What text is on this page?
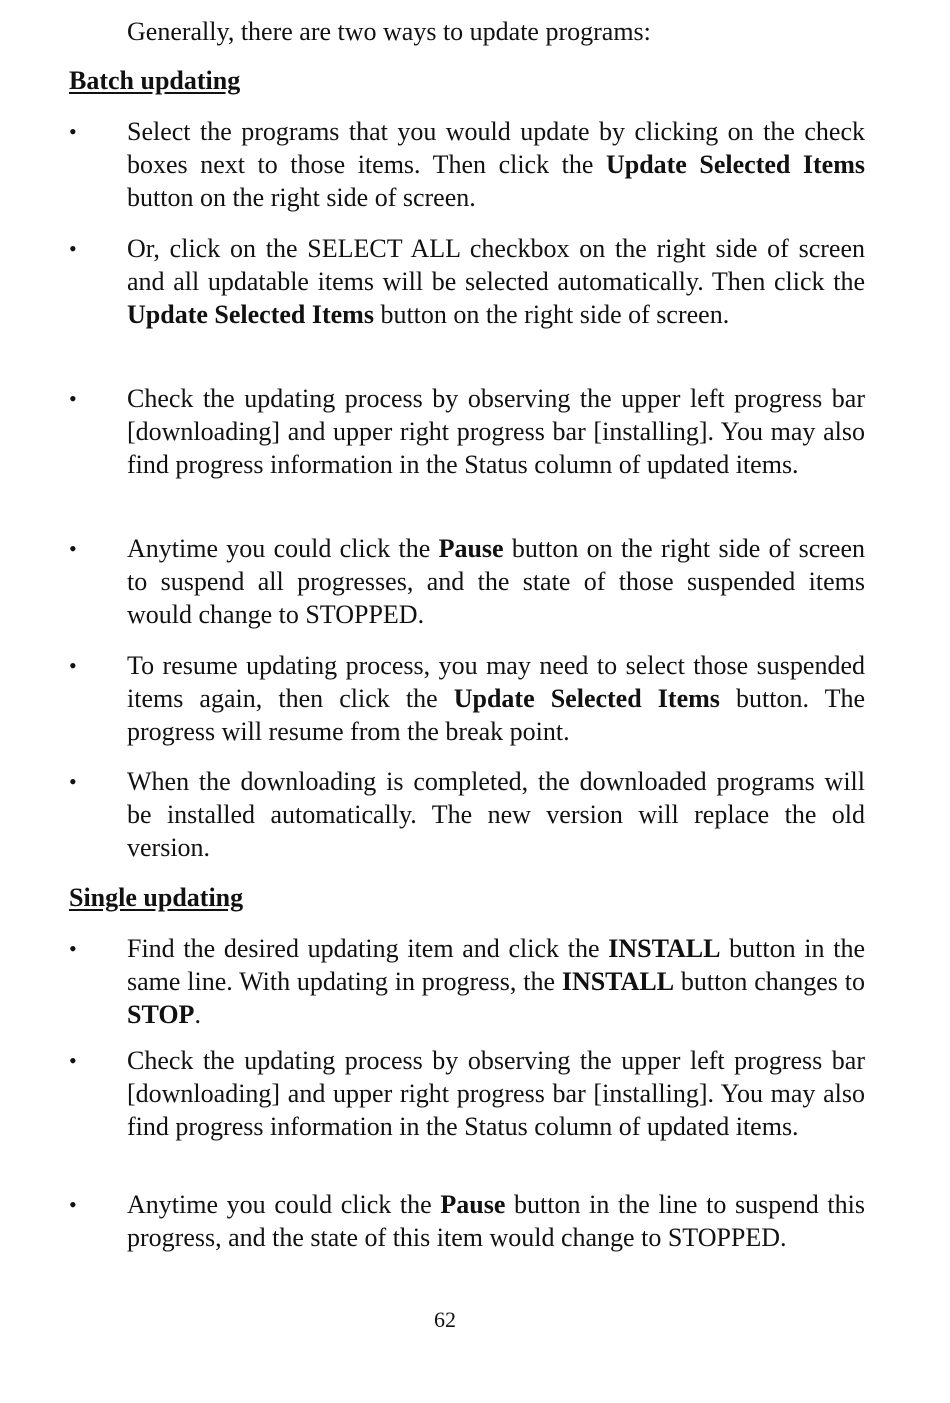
Generally, there are two ways to update programs:
Batch updating
• Select the programs that you would update by clicking on the check boxes next to those items. Then click the Update Selected Items button on the right side of screen.
• Or, click on the SELECT ALL checkbox on the right side of screen and all updatable items will be selected automatically. Then click the Update Selected Items button on the right side of screen.
• Check the updating process by observing the upper left progress bar [downloading] and upper right progress bar [installing]. You may also find progress information in the Status column of updated items.
• Anytime you could click the Pause button on the right side of screen to suspend all progresses, and the state of those suspended items would change to STOPPED.
• To resume updating process, you may need to select those suspended items again, then click the Update Selected Items button. The progress will resume from the break point.
• When the downloading is completed, the downloaded programs will be installed automatically. The new version will replace the old version.
Single updating
• Find the desired updating item and click the INSTALL button in the same line. With updating in progress, the INSTALL button changes to STOP.
• Check the updating process by observing the upper left progress bar [downloading] and upper right progress bar [installing]. You may also find progress information in the Status column of updated items.
• Anytime you could click the Pause button in the line to suspend this progress, and the state of this item would change to STOPPED.
62
